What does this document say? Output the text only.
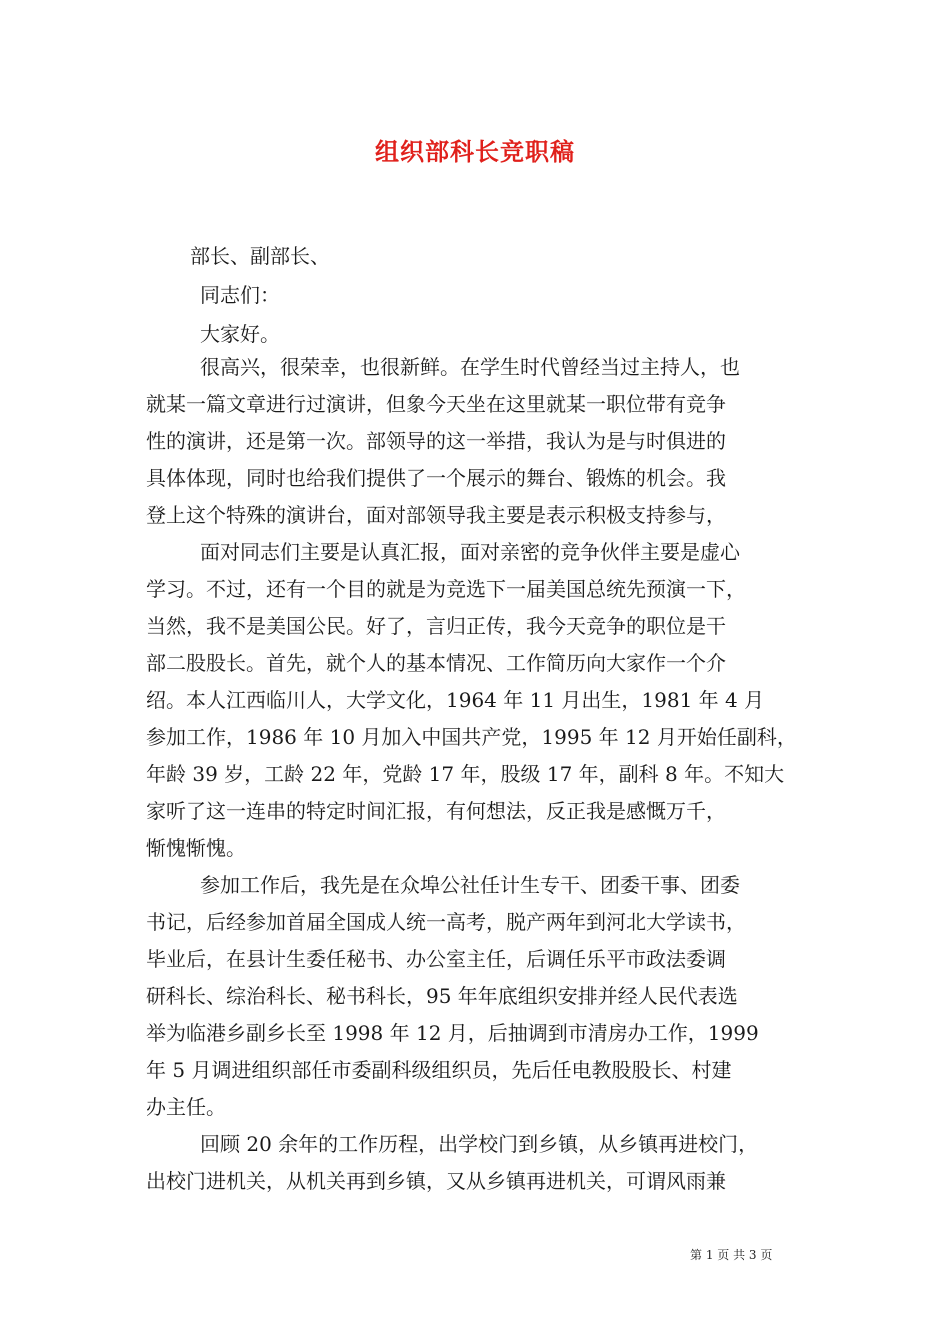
组织部科长竞职稿
部长、副部长、
同志们：
大家好。
很高兴，很荣幸，也很新鲜。在学生时代曾经当过主持人，也
就某一篇文章进行过演讲，但象今天坐在这里就某一职位带有竞争
性的演讲，还是第一次。部领导的这一举措，我认为是与时俱进的
具体体现，同时也给我们提供了一个展示的舞台、锻炼的机会。我
登上这个特殊的演讲台，面对部领导我主要是表示积极支持参与，
面对同志们主要是认真汇报，面对亲密的竞争伙伴主要是虚心
学习。不过，还有一个目的就是为竞选下一届美国总统先预演一下，
当然，我不是美国公民。好了，言归正传，我今天竞争的职位是干
部二股股长。首先，就个人的基本情况、工作简历向大家作一个介
绍。本人江西临川人，大学文化，1964 年 11 月出生，1981 年 4 月
参加工作，1986 年 10 月加入中国共产党，1995 年 12 月开始任副科，
年龄 39 岁，工龄 22 年，党龄 17 年，股级 17 年，副科 8 年。不知大
家听了这一连串的特定时间汇报，有何想法，反正我是感慨万千，
惭愧惭愧。
参加工作后，我先是在众埠公社任计生专干、团委干事、团委
书记，后经参加首届全国成人统一高考，脱产两年到河北大学读书，
毕业后，在县计生委任秘书、办公室主任，后调任乐平市政法委调
研科长、综治科长、秘书科长，95 年年底组织安排并经人民代表选
举为临港乡副乡长至 1998 年 12 月，后抽调到市清房办工作，1999
年 5 月调进组织部任市委副科级组织员，先后任电教股股长、村建
办主任。
回顾 20 余年的工作历程，出学校门到乡镇，从乡镇再进校门，
出校门进机关，从机关再到乡镇，又从乡镇再进机关，可谓风雨兼
第 1 页 共 3 页
